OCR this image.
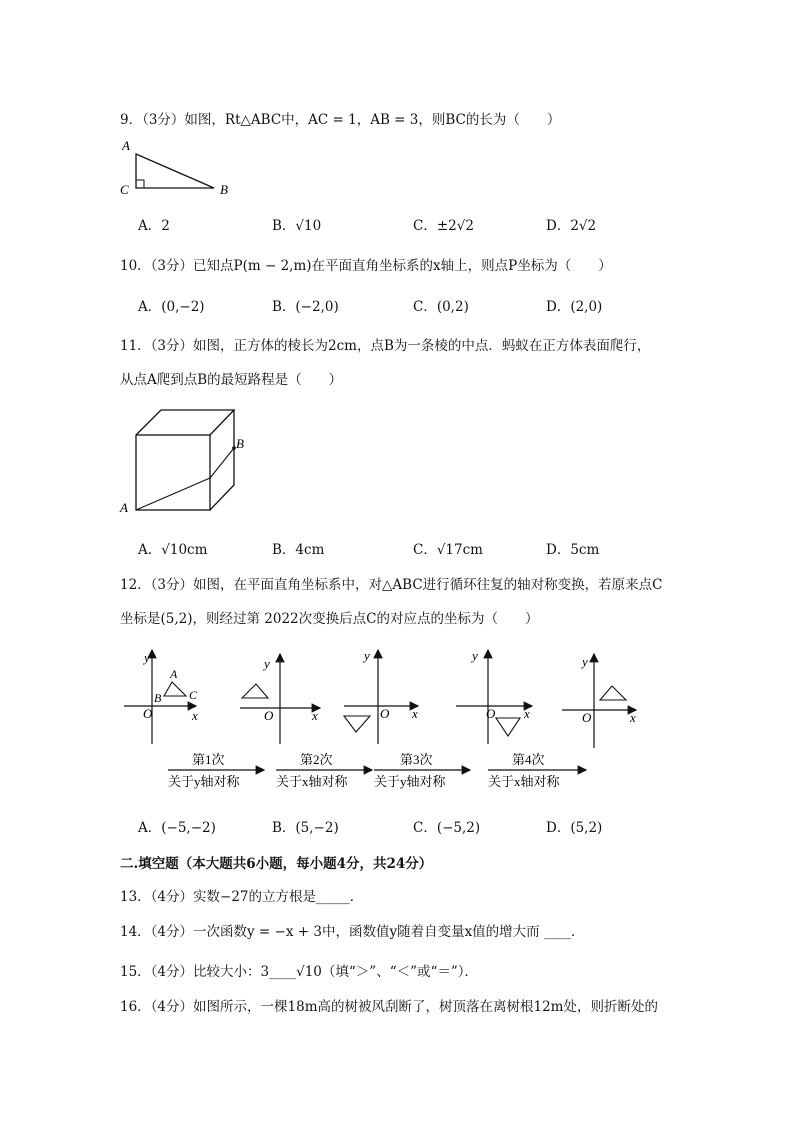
9．（3分）如图，Rt△ABC中，AC = 1，AB = 3，则BC的长为（　　）
A
C	B
A．2	B．√10	C．±2√2	D．2√2
10．（3分）已知点P(m − 2,m)在平面直角坐标系的x轴上，则点P坐标为（　　）
A．(0,−2)	B．(−2,0)	C．(0,2)	D．(2,0)
11．（3分）如图，正方体的棱长为2cm，点B为一条棱的中点．蚂蚁在正方体表面爬行，
从点A爬到点B的最短路程是（　　）
B
A
A．√10cm	B．4cm	C．√17cm	D．5cm
12．（3分）如图，在平面直角坐标系中，对△ABC进行循环往复的轴对称变换，若原来点C
坐标是(5,2)，则经过第 2022次变换后点C的对应点的坐标为（　　）
y
x
O
A
B C
y
x
O
y
x
O
y
x
O
y
x
O
第1次
关于y轴对称
第2次
关于x轴对称
第3次
关于y轴对称
第4次
关于x轴对称
A．(−5,−2)	B．(5,−2)	C．(−5,2)	D．(5,2)
二.填空题（本大题共6小题，每小题4分，共24分）
13．（4分）实数−27的立方根是_____．
14．（4分）一次函数y = −x + 3中，函数值y随着自变量x值的增大而 ____．
15．（4分）比较大小：3____√10（填“＞”、“＜”或“＝”）．
16．（4分）如图所示，一棵18m高的树被风刮断了，树顶落在离树根12m处，则折断处的
